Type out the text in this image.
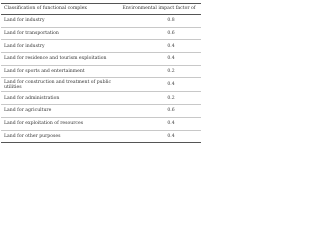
Classification of functional complex	Environmental impact factor of
Land for industry	0.8
Land for transportation	0.6
Land for industry	0.4
Land for residence and tourism exploitation	0.4
Land for sports and entertainment	0.2
Land for construction and treatment of public utilities	0.4
Land for administration	0.2
Land for agriculture	0.6
Land for exploitation of resources	0.4
Land for other purposes	0.4
